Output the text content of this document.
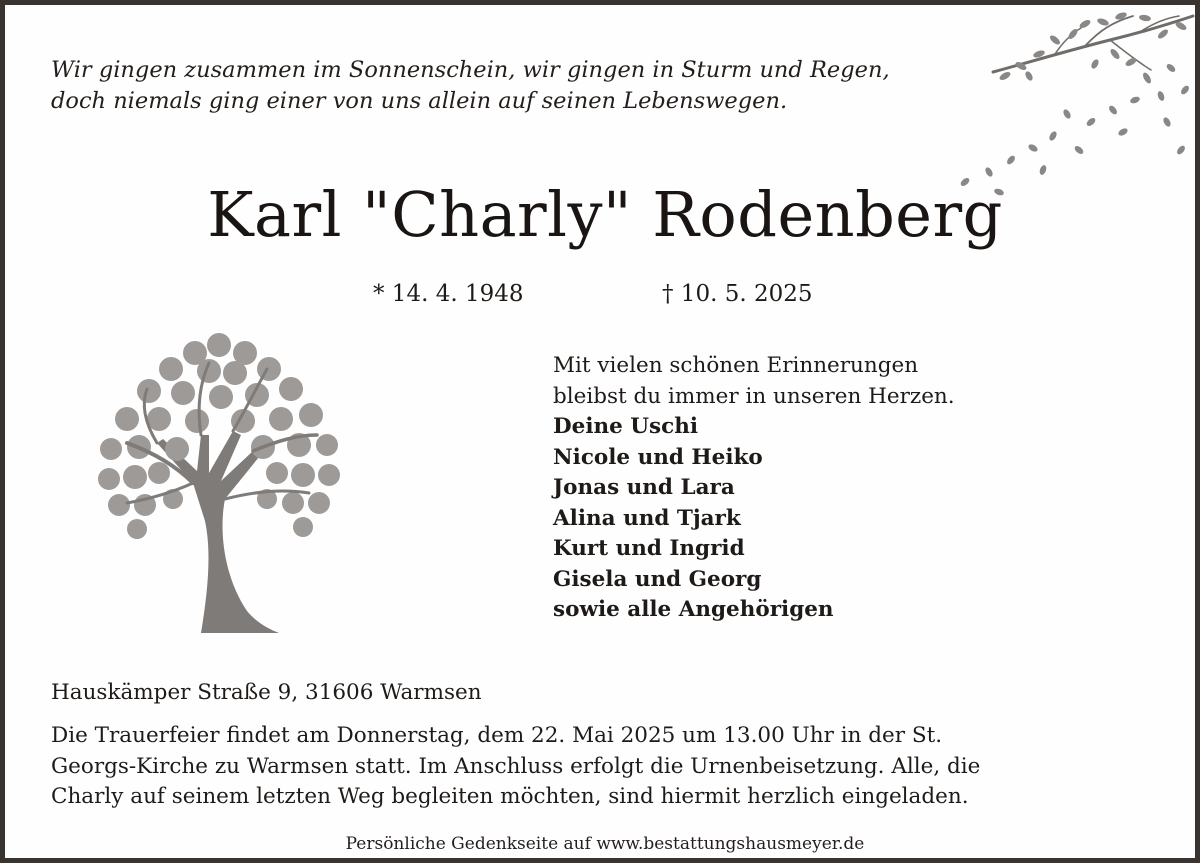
Wir gingen zusammen im Sonnenschein, wir gingen in Sturm und Regen,
doch niemals ging einer von uns allein auf seinen Lebenswegen.
Karl "Charly" Rodenberg
* 14. 4. 1948	† 10. 5. 2025
Mit vielen schönen Erinnerungen
bleibst du immer in unseren Herzen.
Deine Uschi
Nicole und Heiko
Jonas und Lara
Alina und Tjark
Kurt und Ingrid
Gisela und Georg
sowie alle Angehörigen
Hauskämper Straße 9, 31606 Warmsen
Die Trauerfeier findet am Donnerstag, dem 22. Mai 2025 um 13.00 Uhr in der St.
Georgs-Kirche zu Warmsen statt. Im Anschluss erfolgt die Urnenbeisetzung. Alle, die
Charly auf seinem letzten Weg begleiten möchten, sind hiermit herzlich eingeladen.
Persönliche Gedenkseite auf www.bestattungshausmeyer.de
